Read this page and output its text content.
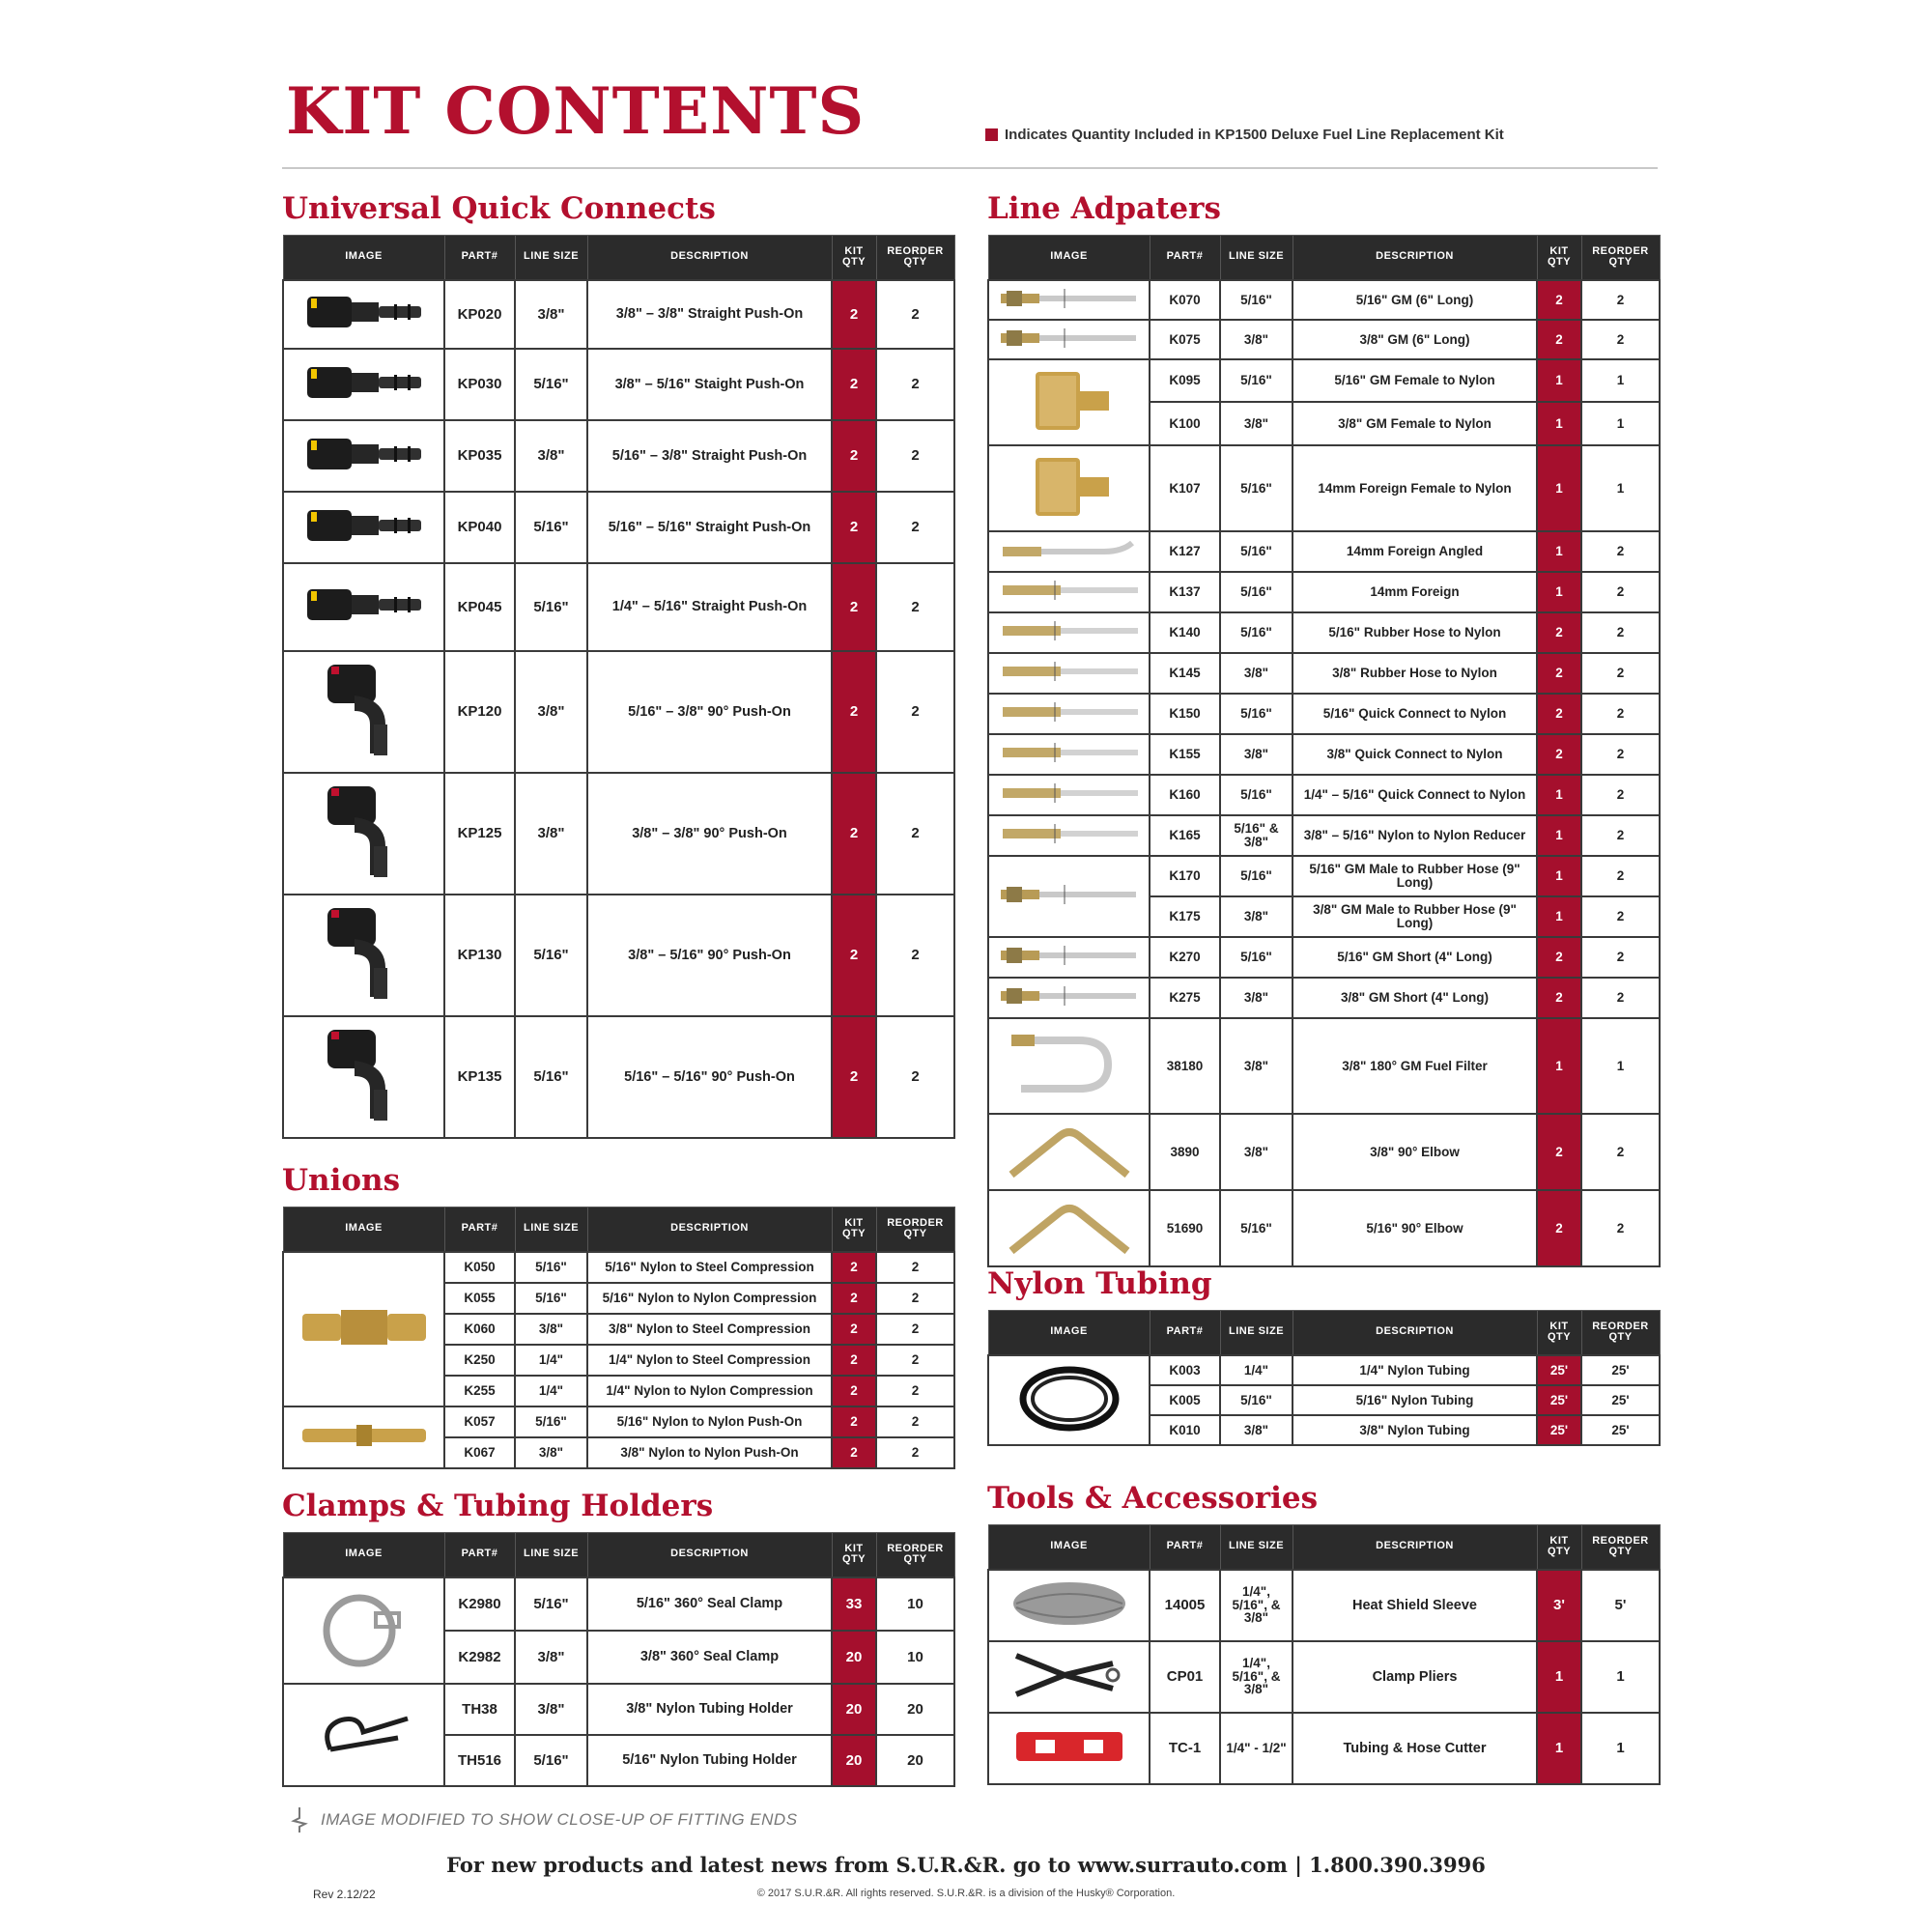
KIT CONTENTS	Indicates Quantity Included in KP1500 Deluxe Fuel Line Replacement Kit
Universal Quick Connects
IMAGE	PART#	LINE SIZE	DESCRIPTION	KIT QTY	REORDER QTY
	KP020	3/8"	3/8" – 3/8" Straight Push-On	2	2
	KP030	5/16"	3/8" – 5/16" Staight Push-On	2	2
	KP035	3/8"	5/16" – 3/8" Straight Push-On	2	2
	KP040	5/16"	5/16" – 5/16" Straight Push-On	2	2
	KP045	5/16"	1/4" – 5/16" Straight Push-On	2	2
	KP120	3/8"	5/16" – 3/8" 90° Push-On	2	2
	KP125	3/8"	3/8" – 3/8" 90° Push-On	2	2
	KP130	5/16"	3/8" – 5/16" 90° Push-On	2	2
	KP135	5/16"	5/16" – 5/16" 90° Push-On	2	2
Unions
IMAGE	PART#	LINE SIZE	DESCRIPTION	KIT QTY	REORDER QTY
	K050	5/16"	5/16" Nylon to Steel Compression	2	2
	K055	5/16"	5/16" Nylon to Nylon Compression	2	2
	K060	3/8"	3/8" Nylon to Steel Compression	2	2
	K250	1/4"	1/4" Nylon to Steel Compression	2	2
	K255	1/4"	1/4" Nylon to Nylon Compression	2	2
	K057	5/16"	5/16" Nylon to Nylon Push-On	2	2
	K067	3/8"	3/8" Nylon to Nylon Push-On	2	2
Clamps & Tubing Holders
IMAGE	PART#	LINE SIZE	DESCRIPTION	KIT QTY	REORDER QTY
	K2980	5/16"	5/16" 360° Seal Clamp	33	10
	K2982	3/8"	3/8" 360° Seal Clamp	20	10
	TH38	3/8"	3/8" Nylon Tubing Holder	20	20
	TH516	5/16"	5/16" Nylon Tubing Holder	20	20
Line Adpaters
IMAGE	PART#	LINE SIZE	DESCRIPTION	KIT QTY	REORDER QTY
	K070	5/16"	5/16" GM (6" Long)	2	2
	K075	3/8"	3/8" GM (6" Long)	2	2
	K095	5/16"	5/16" GM Female to Nylon	1	1
	K100	3/8"	3/8" GM Female to Nylon	1	1
	K107	5/16"	14mm Foreign Female to Nylon	1	1
	K127	5/16"	14mm Foreign Angled	1	2
	K137	5/16"	14mm Foreign	1	2
	K140	5/16"	5/16" Rubber Hose to Nylon	2	2
	K145	3/8"	3/8" Rubber Hose to Nylon	2	2
	K150	5/16"	5/16" Quick Connect to Nylon	2	2
	K155	3/8"	3/8" Quick Connect to Nylon	2	2
	K160	5/16"	1/4" – 5/16" Quick Connect to Nylon	1	2
	K165	5/16" & 3/8"	3/8" – 5/16" Nylon to Nylon Reducer	1	2
	K170	5/16"	5/16" GM Male to Rubber Hose (9" Long)	1	2
	K175	3/8"	3/8" GM Male to Rubber Hose (9" Long)	1	2
	K270	5/16"	5/16" GM Short (4" Long)	2	2
	K275	3/8"	3/8" GM Short (4" Long)	2	2
	38180	3/8"	3/8" 180° GM Fuel Filter	1	1
	3890	3/8"	3/8" 90° Elbow	2	2
	51690	5/16"	5/16" 90° Elbow	2	2
Nylon Tubing
IMAGE	PART#	LINE SIZE	DESCRIPTION	KIT QTY	REORDER QTY
	K003	1/4"	1/4" Nylon Tubing	25'	25'
	K005	5/16"	5/16" Nylon Tubing	25'	25'
	K010	3/8"	3/8" Nylon Tubing	25'	25'
Tools & Accessories
IMAGE	PART#	LINE SIZE	DESCRIPTION	KIT QTY	REORDER QTY
	14005	1/4", 5/16", & 3/8"	Heat Shield Sleeve	3'	5'
	CP01	1/4", 5/16", & 3/8"	Clamp Pliers	1	1
	TC-1	1/4" - 1/2"	Tubing & Hose Cutter	1	1
IMAGE MODIFIED TO SHOW CLOSE-UP OF FITTING ENDS
For new products and latest news from S.U.R.&R. go to www.surrauto.com | 1.800.390.3996
© 2017 S.U.R.&R. All rights reserved. S.U.R.&R. is a division of the Husky® Corporation.
Rev 2.12/22
